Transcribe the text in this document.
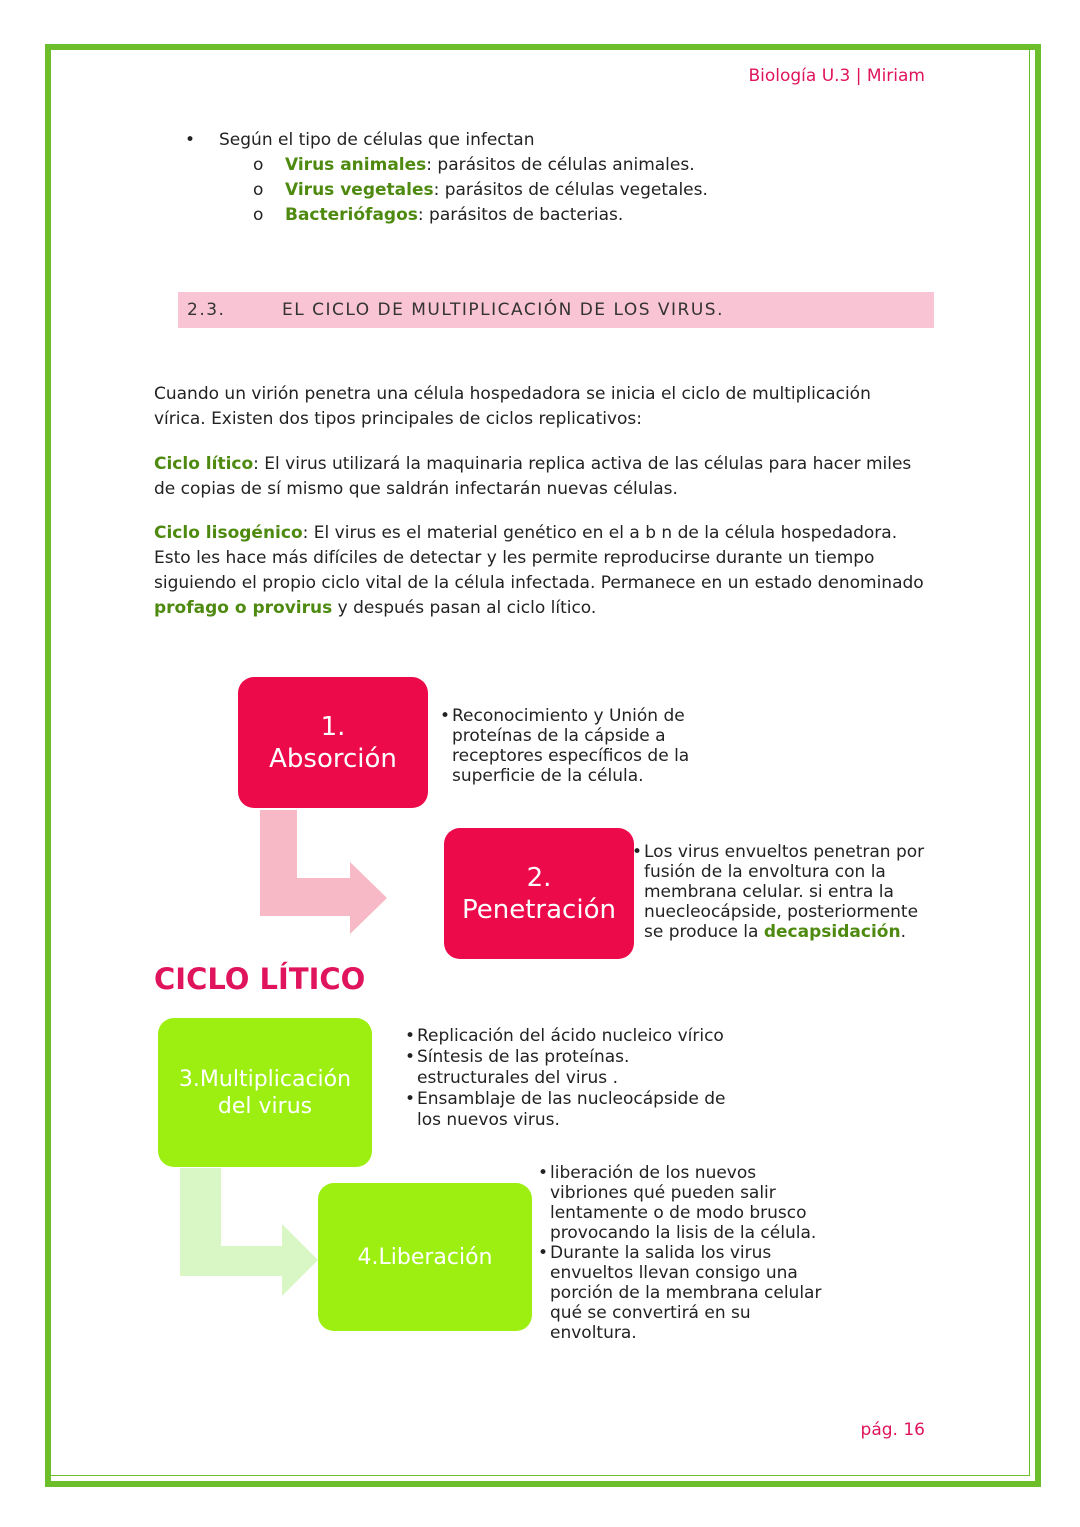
Biología U.3 | Miriam
• Según el tipo de células que infectan
o Virus animales: parásitos de células animales.
o Virus vegetales: parásitos de células vegetales.
o Bacteriófagos: parásitos de bacterias.
2.3.	EL CICLO DE MULTIPLICACIÓN DE LOS VIRUS.

Cuando un virión penetra una célula hospedadora se inicia el ciclo de multiplicación vírica. Existen dos tipos principales de ciclos replicativos:

Ciclo lítico: El virus utilizará la maquinaria replica activa de las células para hacer miles de copias de sí mismo que saldrán infectarán nuevas células.

Ciclo lisogénico: El virus es el material genético en el a b n de la célula hospedadora. Esto les hace más difíciles de detectar y les permite reproducirse durante un tiempo siguiendo el propio ciclo vital de la célula infectada. Permanece en un estado denominado profago o provirus y después pasan al ciclo lítico.

1.
Absorción
• Reconocimiento y Unión de proteínas de la cápside a receptores específicos de la superficie de la célula.
2.
Penetración
• Los virus envueltos penetran por fusión de la envoltura con la membrana celular. si entra la nuecleocápside, posteriormente se produce la decapsidación.
CICLO LÍTICO
3.Multiplicación
del virus
• Replicación del ácido nucleico vírico
• Síntesis de las proteínas. estructurales del virus .
• Ensamblaje de las nucleocápside de los nuevos virus.
4.Liberación
• liberación de los nuevos vibriones qué pueden salir lentamente o de modo brusco provocando la lisis de la célula.
• Durante la salida los virus envueltos llevan consigo una porción de la membrana celular qué se convertirá en su envoltura.
pág. 16
